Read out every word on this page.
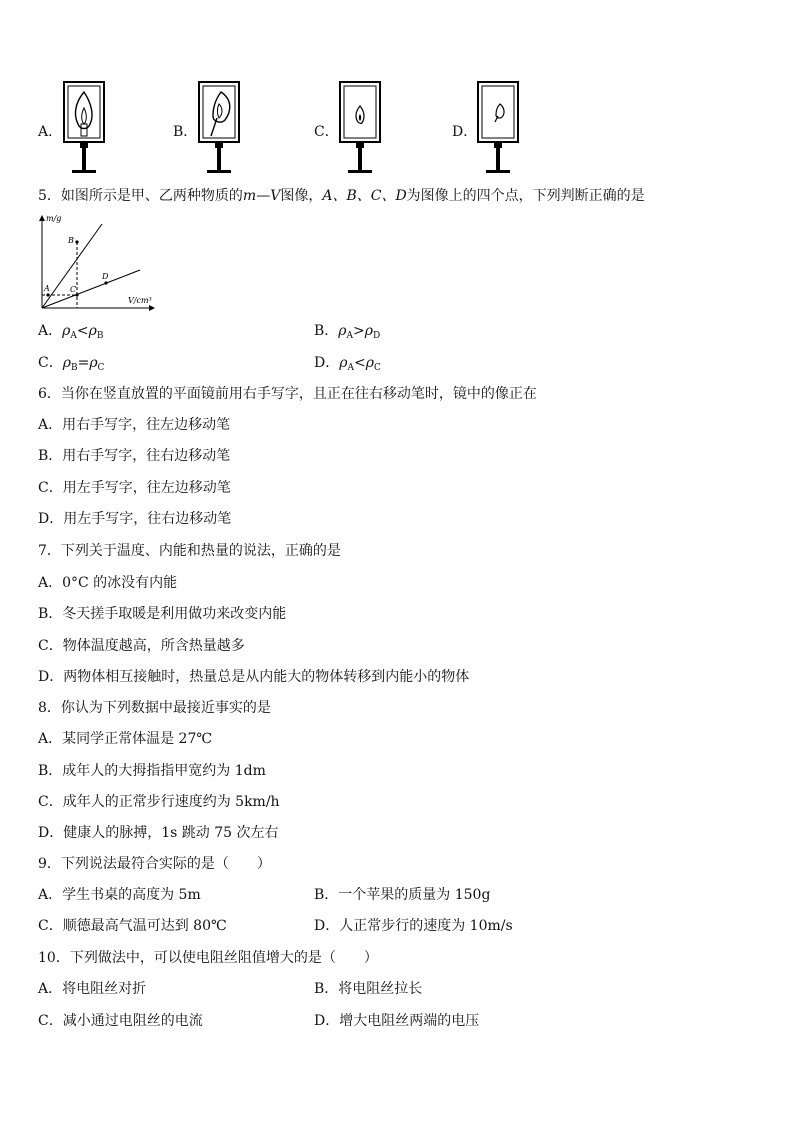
A．	B．	C．	D．
5．如图所示是甲、乙两种物质的m—V图像，A、B、C、D为图像上的四个点，下列判断正确的是
m/g
V/cm³
A
B
C
D
A．$\rho_A<\rho_B$	B．$\rho_A>\rho_D$
C．$\rho_B=\rho_C$	D．$\rho_A<\rho_C$
6．当你在竖直放置的平面镜前用右手写字，且正在往右移动笔时，镜中的像正在
A．用右手写字，往左边移动笔
B．用右手写字，往右边移动笔
C．用左手写字，往左边移动笔
D．用左手写字，往右边移动笔
7．下列关于温度、内能和热量的说法，正确的是
A．0°C 的冰没有内能
B．冬天搓手取暖是利用做功来改变内能
C．物体温度越高，所含热量越多
D．两物体相互接触时，热量总是从内能大的物体转移到内能小的物体
8．你认为下列数据中最接近事实的是
A．某同学正常体温是 27℃
B．成年人的大拇指指甲宽约为 1dm
C．成年人的正常步行速度约为 5km/h
D．健康人的脉搏，1s 跳动 75 次左右
9．下列说法最符合实际的是（　　）
A．学生书桌的高度为 5m	B．一个苹果的质量为 150g
C．顺德最高气温可达到 80℃	D．人正常步行的速度为 10m/s
10．下列做法中，可以使电阻丝阻值增大的是（　　）
A．将电阻丝对折	B．将电阻丝拉长
C．减小通过电阻丝的电流	D．增大电阻丝两端的电压
